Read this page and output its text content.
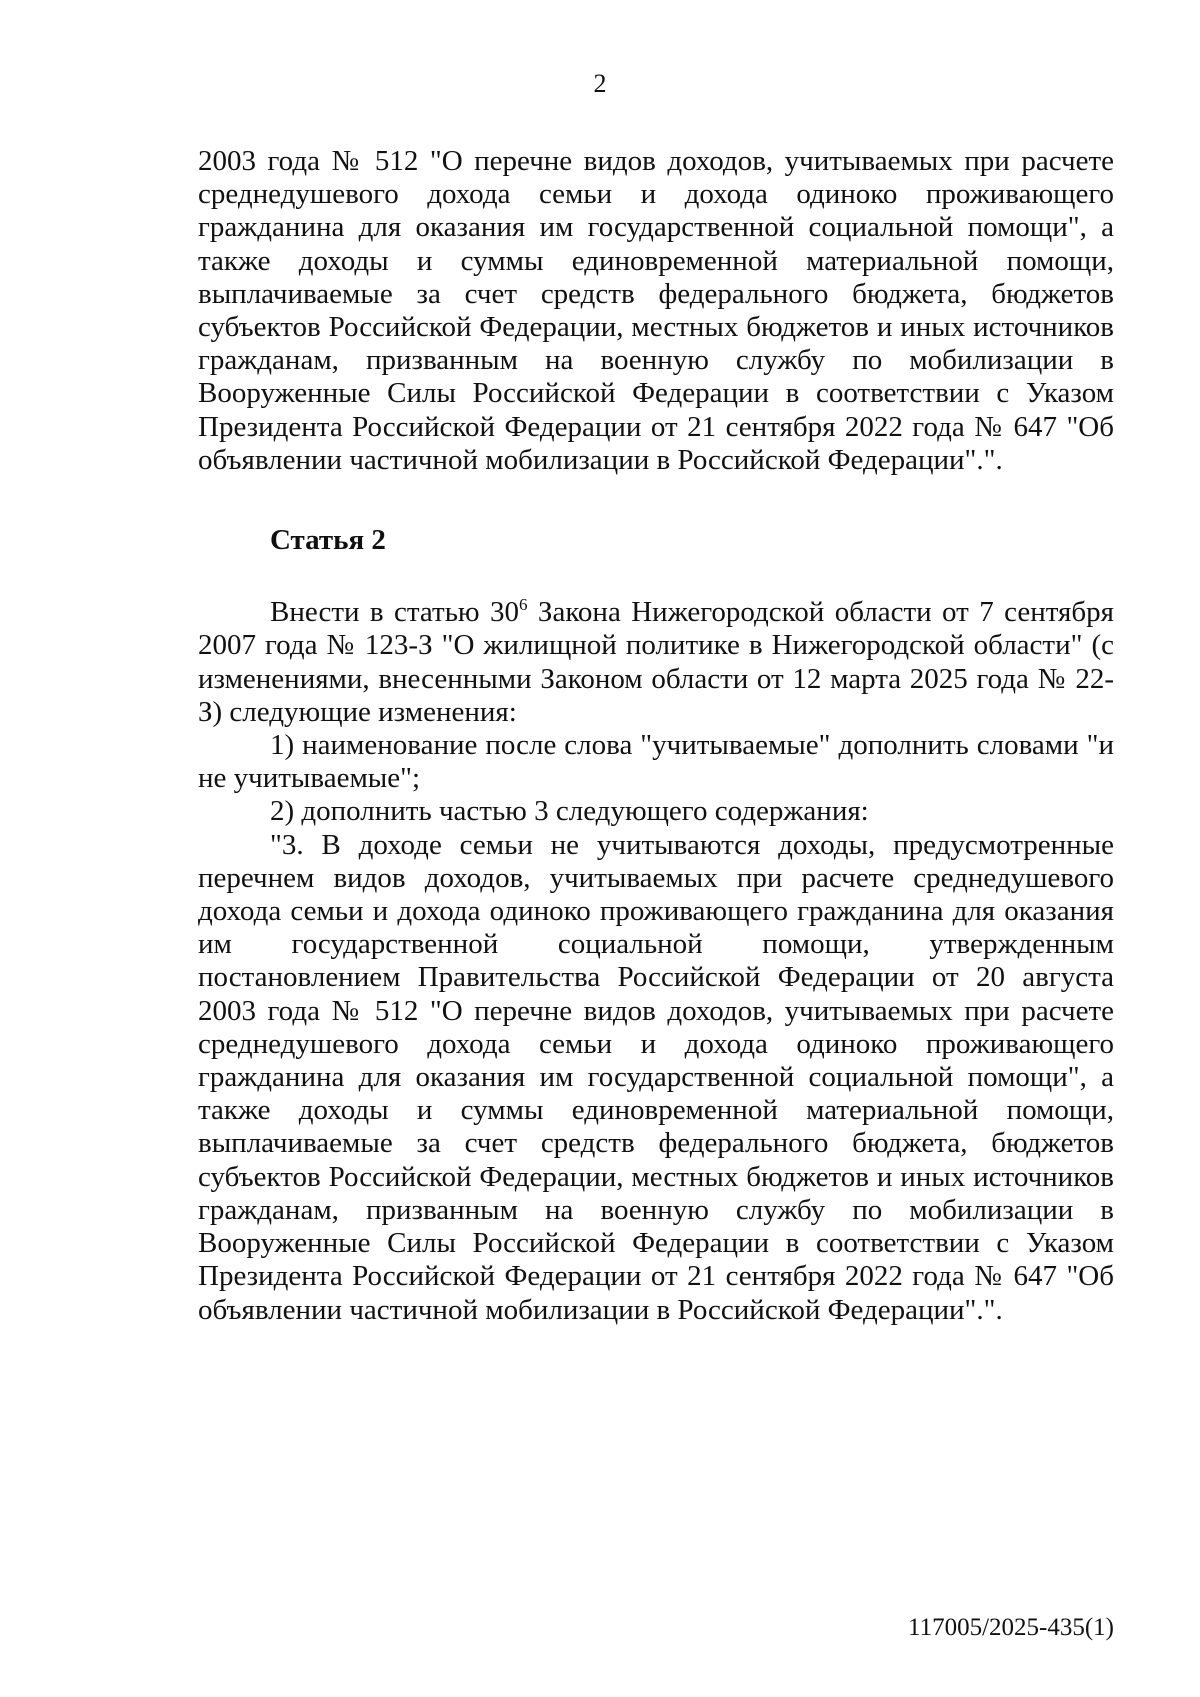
2

2003 года № 512 "О перечне видов доходов, учитываемых при расчете среднедушевого дохода семьи и дохода одиноко проживающего гражданина для оказания им государственной социальной помощи", а также доходы и суммы единовременной материальной помощи, выплачиваемые за счет средств федерального бюджета, бюджетов субъектов Российской Федерации, местных бюджетов и иных источников гражданам, призванным на военную службу по мобилизации в Вооруженные Силы Российской Федерации в соответствии с Указом Президента Российской Федерации от 21 сентября 2022 года № 647 "Об объявлении частичной мобилизации в Российской Федерации".".

Статья 2

Внести в статью $30^6$ Закона Нижегородской области от 7 сентября 2007 года № 123-З "О жилищной политике в Нижегородской области" (с изменениями, внесенными Законом области от 12 марта 2025 года № 22-З) следующие изменения:

1) наименование после слова "учитываемые" дополнить словами "и не учитываемые";

2) дополнить частью 3 следующего содержания:

"3. В доходе семьи не учитываются доходы, предусмотренные перечнем видов доходов, учитываемых при расчете среднедушевого дохода семьи и дохода одиноко проживающего гражданина для оказания им государственной социальной помощи, утвержденным постановлением Правительства Российской Федерации от 20 августа 2003 года № 512 "О перечне видов доходов, учитываемых при расчете среднедушевого дохода семьи и дохода одиноко проживающего гражданина для оказания им государственной социальной помощи", а также доходы и суммы единовременной материальной помощи, выплачиваемые за счет средств федерального бюджета, бюджетов субъектов Российской Федерации, местных бюджетов и иных источников гражданам, призванным на военную службу по мобилизации в Вооруженные Силы Российской Федерации в соответствии с Указом Президента Российской Федерации от 21 сентября 2022 года № 647 "Об объявлении частичной мобилизации в Российской Федерации".".

117005/2025-435(1)
